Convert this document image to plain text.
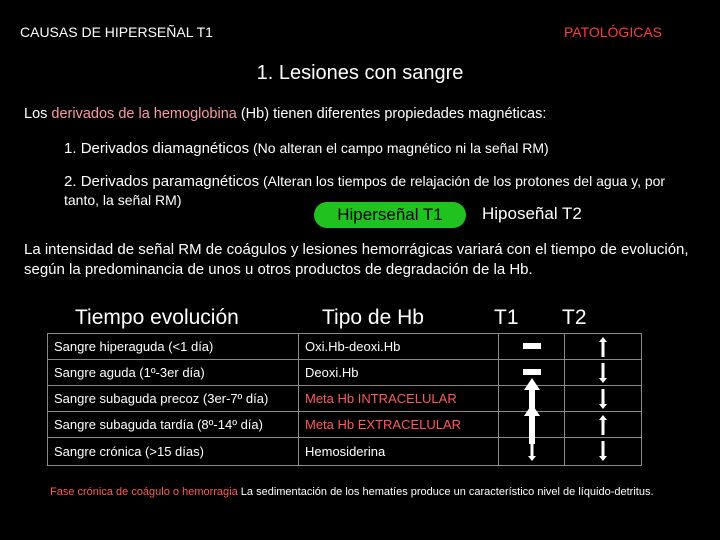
CAUSAS DE HIPERSEÑAL T1	PATOLÓGICAS
1. Lesiones con sangre
Los derivados de la hemoglobina (Hb) tienen diferentes propiedades magnéticas:
1. Derivados diamagnéticos (No alteran el campo magnético ni la señal RM)
2. Derivados paramagnéticos (Alteran los tiempos de relajación de los protones del agua y, por tanto, la señal RM)
Hiperseñal T1	Hiposeñal T2
La intensidad de señal RM de coágulos y lesiones hemorrágicas variará con el tiempo de evolución, según la predominancia de unos u otros productos de degradación de la Hb.
Tiempo evolución	Tipo de Hb	T1 T2
Sangre hiperaguda (<1 día)	Oxi.Hb-deoxi.Hb	

Sangre aguda (1º-3er día)	Deoxi.Hb	

Sangre subaguda precoz (3er-7º día)	Meta Hb INTRACELULAR	

Sangre subaguda tardía (8º-14º día)	Meta Hb EXTRACELULAR	

Sangre crónica (>15 días)	Hemosiderina	

Fase crónica de coágulo o hemorragia La sedimentación de los hematíes produce un característico nivel de líquido-detritus.
